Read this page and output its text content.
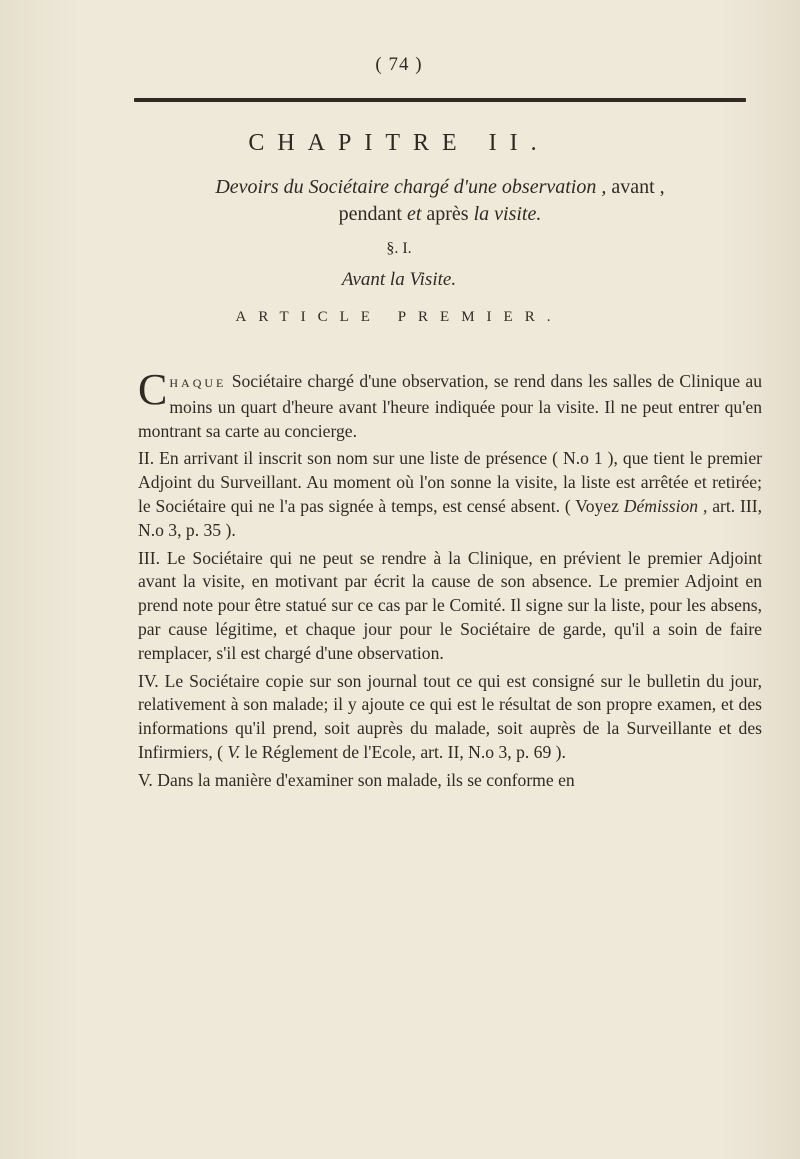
( 74 )
CHAPITRE II.
Devoirs du Sociétaire chargé d'une observation , avant ,
pendant et après la visite.
§. I.
Avant la Visite.
ARTICLE PREMIER.

CHAQUE Sociétaire chargé d'une observation, se rend dans les salles de Clinique au moins un quart d'heure avant l'heure indiquée pour la visite. Il ne peut entrer qu'en montrant sa carte au concierge.

II. En arrivant il inscrit son nom sur une liste de présence ( N.o 1 ), que tient le premier Adjoint du Surveillant. Au moment où l'on sonne la visite, la liste est arrêtée et retirée; le Sociétaire qui ne l'a pas signée à temps, est censé absent. ( Voyez Démission , art. III, N.o 3, p. 35 ).

III. Le Sociétaire qui ne peut se rendre à la Clinique, en prévient le premier Adjoint avant la visite, en motivant par écrit la cause de son absence. Le premier Adjoint en prend note pour être statué sur ce cas par le Comité. Il signe sur la liste, pour les absens, par cause légitime, et chaque jour pour le Sociétaire de garde, qu'il a soin de faire remplacer, s'il est chargé d'une observation.

IV. Le Sociétaire copie sur son journal tout ce qui est consigné sur le bulletin du jour, relativement à son malade; il y ajoute ce qui est le résultat de son propre examen, et des informations qu'il prend, soit auprès du malade, soit auprès de la Surveillante et des Infirmiers, ( V. le Réglement de l'Ecole, art. II, N.o 3, p. 69 ).

V. Dans la manière d'examiner son malade, ils se conforme en
